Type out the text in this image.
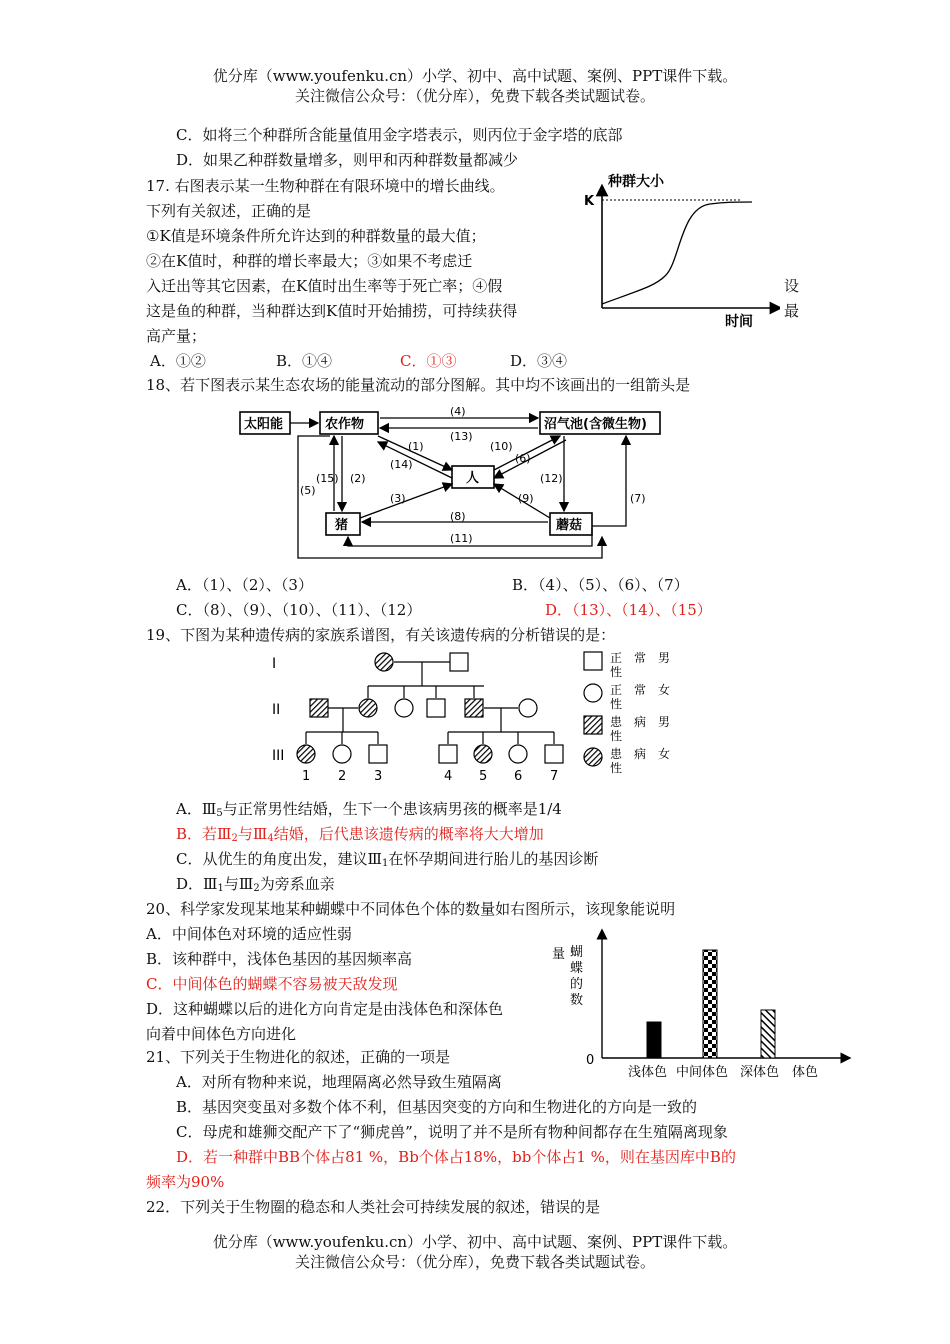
优分库（www.youfenku.cn）小学、初中、高中试题、案例、PPT课件下载。
关注微信公众号：（优分库），免费下载各类试题试卷。
C．如将三个种群所含能量值用金字塔表示，则丙位于金字塔的底部
D．如果乙种群数量增多，则甲和丙种群数量都减少
17. 右图表示某一生物种群在有限环境中的增长曲线。
下列有关叙述，正确的是
①K值是环境条件所允许达到的种群数量的最大值；
②在K值时，种群的增长率最大；③如果不考虑迁
入迁出等其它因素，在K值时出生率等于死亡率；④假
这是鱼的种群，当种群达到K值时开始捕捞，可持续获得
高产量；
设
最
A．①②	B．①④	C．①③	D．③④
种群大小
K
时间
18、若下图表示某生态农场的能量流动的部分图解。其中均不该画出的一组箭头是
太阳能	农作物	沼气池(含微生物)
人
猪	蘑菇
(1)
(2)
(3)
(4)
(5)
(6)
(7)
(8)
(9)
(10)
(11)
(12)
(13)
(14)
(15)
A．（1）、（2）、（3）	B．（4）、（5）、（6）、（7）
C．（8）、（9）、（10）、（11）、（12）	D．（13）、（14）、（15）
19、下图为某种遗传病的家族系谱图，有关该遗传病的分析错误的是：
I
II
III
1 2 3	4 5 6 7
正　常　男
性
正　常　女
性
患　病　男
性
患　病　女
性
A．$Ⅲ_5$与正常男性结婚，生下一个患该病男孩的概率是1/4
B．若$Ⅲ_2$与$Ⅲ_4$结婚，后代患该遗传病的概率将大大增加
C．从优生的角度出发，建议$Ⅲ_1$在怀孕期间进行胎儿的基因诊断
D．$Ⅲ_1$与$Ⅲ_2$为旁系血亲
20、科学家发现某地某种蝴蝶中不同体色个体的数量如右图所示，该现象能说明
A．中间体色对环境的适应性弱
B．该种群中，浅体色基因的基因频率高
C．中间体色的蝴蝶不容易被天敌发现
D．这种蝴蝶以后的进化方向肯定是由浅体色和深体色
向着中间体色方向进化
量 蝴
蝶
的
数
0
浅体色 中间体色 深体色 体色
21、下列关于生物进化的叙述，正确的一项是
A．对所有物种来说，地理隔离必然导致生殖隔离
B．基因突变虽对多数个体不利，但基因突变的方向和生物进化的方向是一致的
C．母虎和雄狮交配产下了“狮虎兽”，说明了并不是所有物种间都存在生殖隔离现象
D．若一种群中BB个体占81 %，Bb个体占18%，bb个体占1 %，则在基因库中B的
频率为90%
22．下列关于生物圈的稳态和人类社会可持续发展的叙述，错误的是
优分库（www.youfenku.cn）小学、初中、高中试题、案例、PPT课件下载。
关注微信公众号：（优分库），免费下载各类试题试卷。
